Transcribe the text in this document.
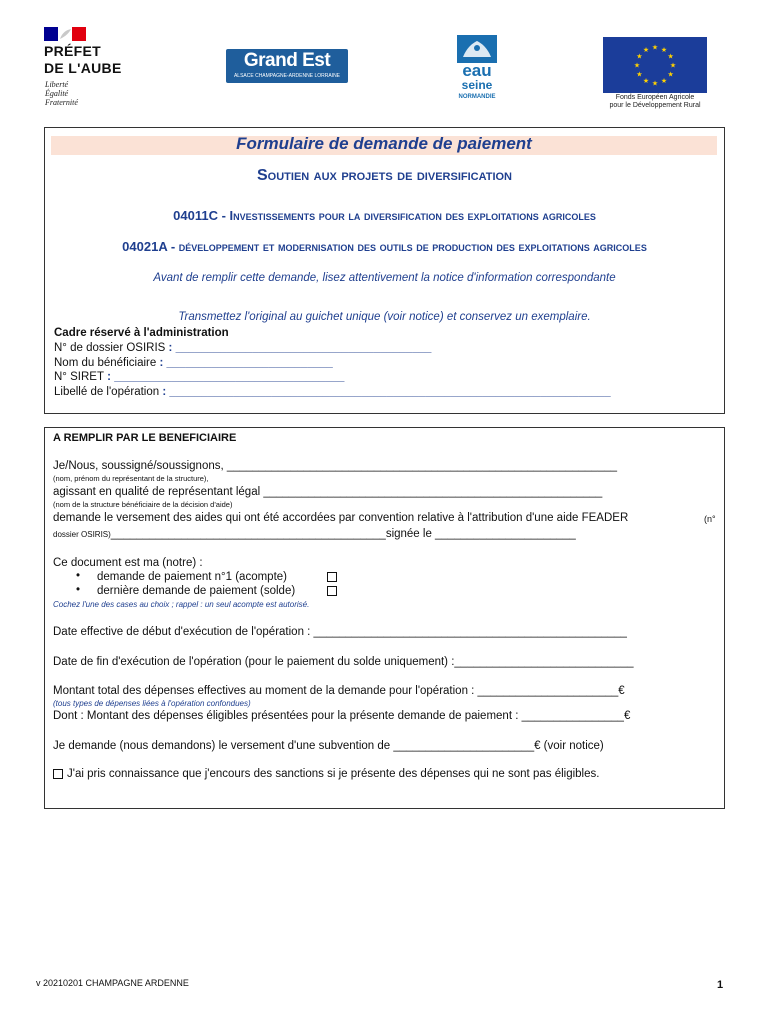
PRÉFET
DE L'AUBE
Liberté
Égalité
Fraternité
Grand Est
ALSACE CHAMPAGNE-ARDENNE LORRAINE	eau
seine
NORMANDIE
★ ★
★
★
★
★
★
★
★
★
★
★
Fonds Européen Agricole
pour le Développement Rural
Formulaire de demande de paiement
Soutien aux projets de diversification
04011C - Investissements pour la diversification des exploitations agricoles
04021A - développement et modernisation des outils de production des exploitations agricoles
Avant de remplir cette demande, lisez attentivement la notice d'information correspondante
Transmettez l'original au guichet unique (voir notice) et conservez un exemplaire.
Cadre réservé à l'administration
N° de dossier OSIRIS : ________________________________________
Nom du bénéficiaire : __________________________
N° SIRET : ____________________________________
Libellé de l'opération : _____________________________________________________________________
A REMPLIR PAR LE BENEFICIAIRE
Je/Nous, soussigné/soussignons, _____________________________________________________________
(nom, prénom du représentant de la structure),
agissant en qualité de représentant légal _____________________________________________________
(nom de la structure bénéficiaire de la décision d'aide)
demande le versement des aides qui ont été accordées par convention relative à l'attribution d'une aide FEADER	(n°
dossier OSIRIS)___________________________________________signée le ______________________
Ce document est ma (notre) :
• demande de paiement n°1 (acompte)
• dernière demande de paiement (solde)
Cochez l'une des cases au choix ; rappel : un seul acompte est autorisé.
Date effective de début d'exécution de l'opération : _________________________________________________
Date de fin d'exécution de l'opération (pour le paiement du solde uniquement) :____________________________
Montant total des dépenses effectives au moment de la demande pour l'opération : ______________________€
(tous types de dépenses liées à l'opération confondues)
Dont : Montant des dépenses éligibles présentées pour la présente demande de paiement : ________________€
Je demande (nous demandons) le versement d'une subvention de ______________________€ (voir notice)
J'ai pris connaissance que j'encours des sanctions si je présente des dépenses qui ne sont pas éligibles.
v 20210201 CHAMPAGNE ARDENNE	1
